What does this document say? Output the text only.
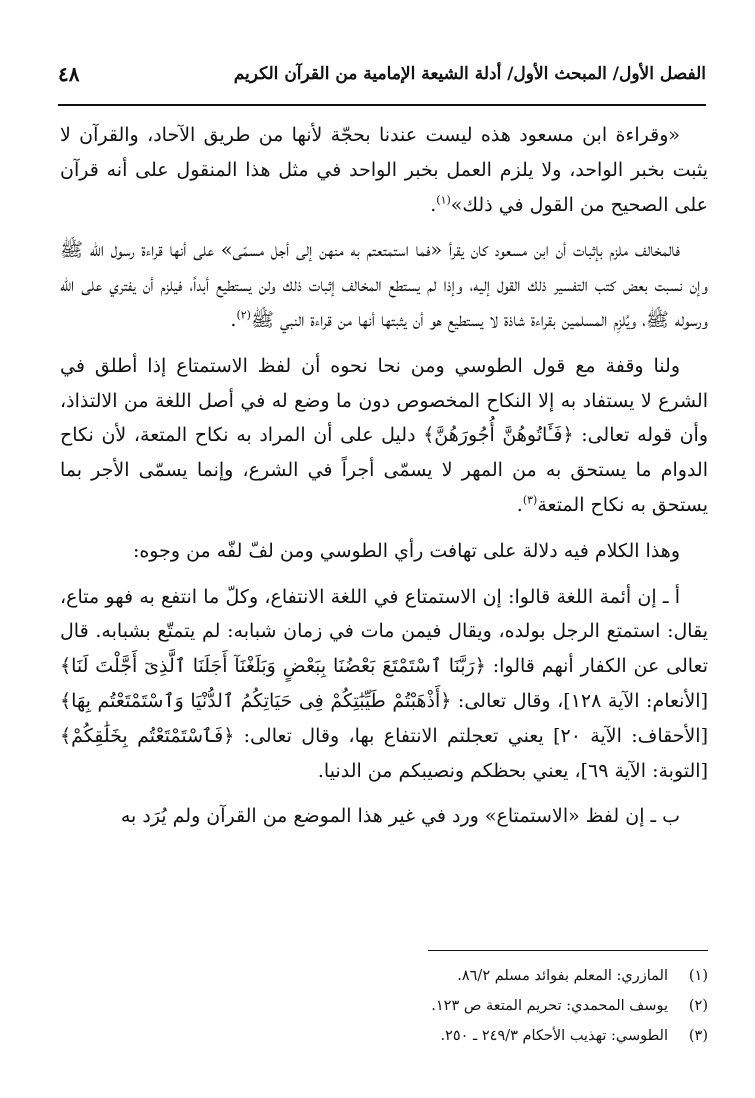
٤٨	الفصل الأول/ المبحث الأول/ أدلة الشيعة الإمامية من القرآن الكريم

«وقراءة ابن مسعود هذه ليست عندنا بحجّة لأنها من طريق الآحاد، والقرآن لا يثبت بخبر الواحد، ولا يلزم العمل بخبر الواحد في مثل هذا المنقول على أنه قرآن على الصحيح من القول في ذلك»$^{(١)}$.

فالمخالف ملزم بإثبات أن ابن مسعود كان يقرأ «فما استمتعتم به منهن إلى أجل مسمّى» على أنها قراءة رسول الله ﷺ وإن نسبت بعض كتب التفسير ذلك القول إليه، وإذا لم يستطع المخالف إثبات ذلك ولن يستطيع أبداً، فيلزم أن يفتري على الله ورسوله ﷺ، ويُلزِم المسلمين بقراءة شاذة لا يستطيع هو أن يثبتها أنها من قراءة النبي ﷺ$^{(٢)}$.

ولنا وقفة مع قول الطوسي ومن نحا نحوه أن لفظ الاستمتاع إذا أطلق في الشرع لا يستفاد به إلا النكاح المخصوص دون ما وضع له في أصل اللغة من الالتذاذ، وأن قوله تعالى: ﴿فَـَٔاتُوهُنَّ أُجُورَهُنَّ﴾ دليل على أن المراد به نكاح المتعة، لأن نكاح الدوام ما يستحق به من المهر لا يسمّى أجراً في الشرع، وإنما يسمّى الأجر بما يستحق به نكاح المتعة$^{(٣)}$.

وهذا الكلام فيه دلالة على تهافت رأي الطوسي ومن لفّ لفّه من وجوه:

أ ـ إن أئمة اللغة قالوا: إن الاستمتاع في اللغة الانتفاع، وكلّ ما انتفع به فهو متاع، يقال: استمتع الرجل بولده، ويقال فيمن مات في زمان شبابه: لم يتمتّع بشبابه. قال تعالى عن الكفار أنهم قالوا: ﴿رَبَّنَا ٱسْتَمْتَعَ بَعْضُنَا بِبَعْضٍ وَبَلَغْنَآ أَجَلَنَا ٱلَّذِىٓ أَجَّلْتَ لَنَا﴾ [الأنعام: الآية ١٢٨]، وقال تعالى: ﴿أَذْهَبْتُمْ طَيِّبَٰتِكُمْ فِى حَيَاتِكُمُ ٱلدُّنْيَا وَٱسْتَمْتَعْتُم بِهَا﴾ [الأحقاف: الآية ٢٠] يعني تعجلتم الانتفاع بها، وقال تعالى: ﴿فَٱسْتَمْتَعْتُم بِخَلَٰقِكُمْ﴾ [التوبة: الآية ٦٩]، يعني بحظكم ونصيبكم من الدنيا.

ب ـ إن لفظ «الاستمتاع» ورد في غير هذا الموضع من القرآن ولم يُرَد به

(١)
المازري: المعلم بفوائد مسلم ٨٦/٢.
(٢)
يوسف المحمدي: تحريم المتعة ص ١٢٣.
(٣)
الطوسي: تهذيب الأحكام ٢٤٩/٣ ـ ٢٥٠.
